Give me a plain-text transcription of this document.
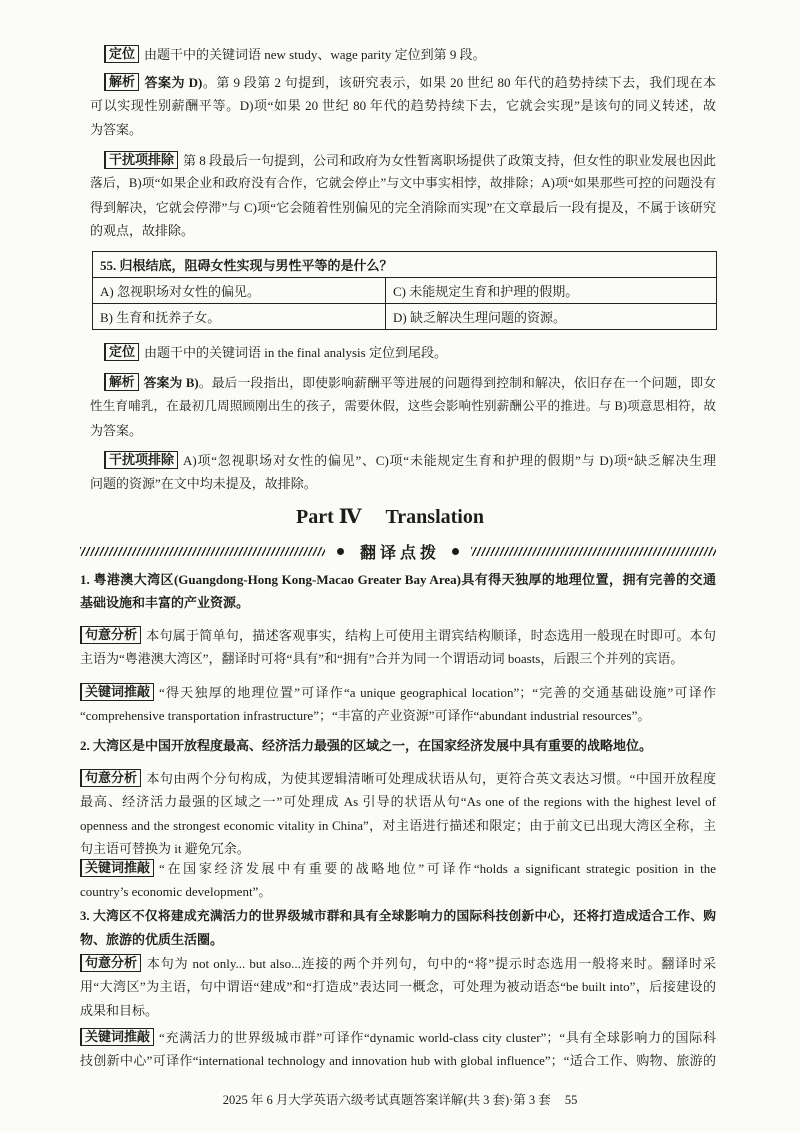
定位 由题干中的关键词语 new study、wage parity 定位到第 9 段。
解析 答案为 D)。第 9 段第 2 句提到，该研究表示，如果 20 世纪 80 年代的趋势持续下去，我们现在本
可以实现性别薪酬平等。D)项“如果 20 世纪 80 年代的趋势持续下去，它就会实现”是该句的同义转述，故
为答案。
干扰项排除 第 8 段最后一句提到，公司和政府为女性暂离职场提供了政策支持，但女性的职业发展也因此
落后，B)项“如果企业和政府没有合作，它就会停止”与文中事实相悖，故排除；A)项“如果那些可控的问题没有
得到解决，它就会停滞”与 C)项“它会随着性别偏见的完全消除而实现”在文章最后一段有提及，不属于该研究
的观点，故排除。
55. 归根结底，阻碍女性实现与男性平等的是什么？	
A) 忽视职场对女性的偏见。	C) 未能规定生育和护理的假期。
B) 生育和抚养子女。	D) 缺乏解决生理问题的资源。
定位 由题干中的关键词语 in the final analysis 定位到尾段。
解析 答案为 B)。最后一段指出，即使影响薪酬平等进展的问题得到控制和解决，依旧存在一个问题，即女
性生育哺乳，在最初几周照顾刚出生的孩子，需要休假，这些会影响性别薪酬公平的推进。与 B)项意思相符，故
为答案。
干扰项排除 A)项“忽视职场对女性的偏见”、C)项“未能规定生育和护理的假期”与 D)项“缺乏解决生理
问题的资源”在文中均未提及，故排除。
Part Ⅳ Translation
翻译点拨
1. 粤港澳大湾区(Guangdong-Hong Kong-Macao Greater Bay Area)具有得天独厚的地理位置，拥有完善的交通
基础设施和丰富的产业资源。
句意分析 本句属于简单句，描述客观事实，结构上可使用主谓宾结构顺译，时态选用一般现在时即可。本句
主语为“粤港澳大湾区”，翻译时可将“具有”和“拥有”合并为同一个谓语动词 boasts，后跟三个并列的宾语。
关键词推敲 “得天独厚的地理位置”可译作“a unique geographical location”；“完善的交通基础设施”可译作
“comprehensive transportation infrastructure”；“丰富的产业资源”可译作“abundant industrial resources”。
2. 大湾区是中国开放程度最高、经济活力最强的区域之一，在国家经济发展中具有重要的战略地位。
句意分析 本句由两个分句构成，为使其逻辑清晰可处理成状语从句，更符合英文表达习惯。“中国开放程度
最高、经济活力最强的区域之一”可处理成 As 引导的状语从句“As one of the regions with the highest level of
openness and the strongest economic vitality in China”，对主语进行描述和限定；由于前文已出现大湾区全称，主
句主语可替换为 it 避免冗余。
关键词推敲 “在国家经济发展中有重要的战略地位”可译作“holds a significant strategic position in the
country’s economic development”。
3. 大湾区不仅将建成充满活力的世界级城市群和具有全球影响力的国际科技创新中心，还将打造成适合工作、购
物、旅游的优质生活圈。
句意分析 本句为 not only... but also...连接的两个并列句，句中的“将”提示时态选用一般将来时。翻译时采
用“大湾区”为主语，句中谓语“建成”和“打造成”表达同一概念，可处理为被动语态“be built into”，后接建设的
成果和目标。
关键词推敲 “充满活力的世界级城市群”可译作“dynamic world-class city cluster”；“具有全球影响力的国际科
技创新中心”可译作“international technology and innovation hub with global influence”；“适合工作、购物、旅游的
2025 年 6 月大学英语六级考试真题答案详解(共 3 套)·第 3 套 55
